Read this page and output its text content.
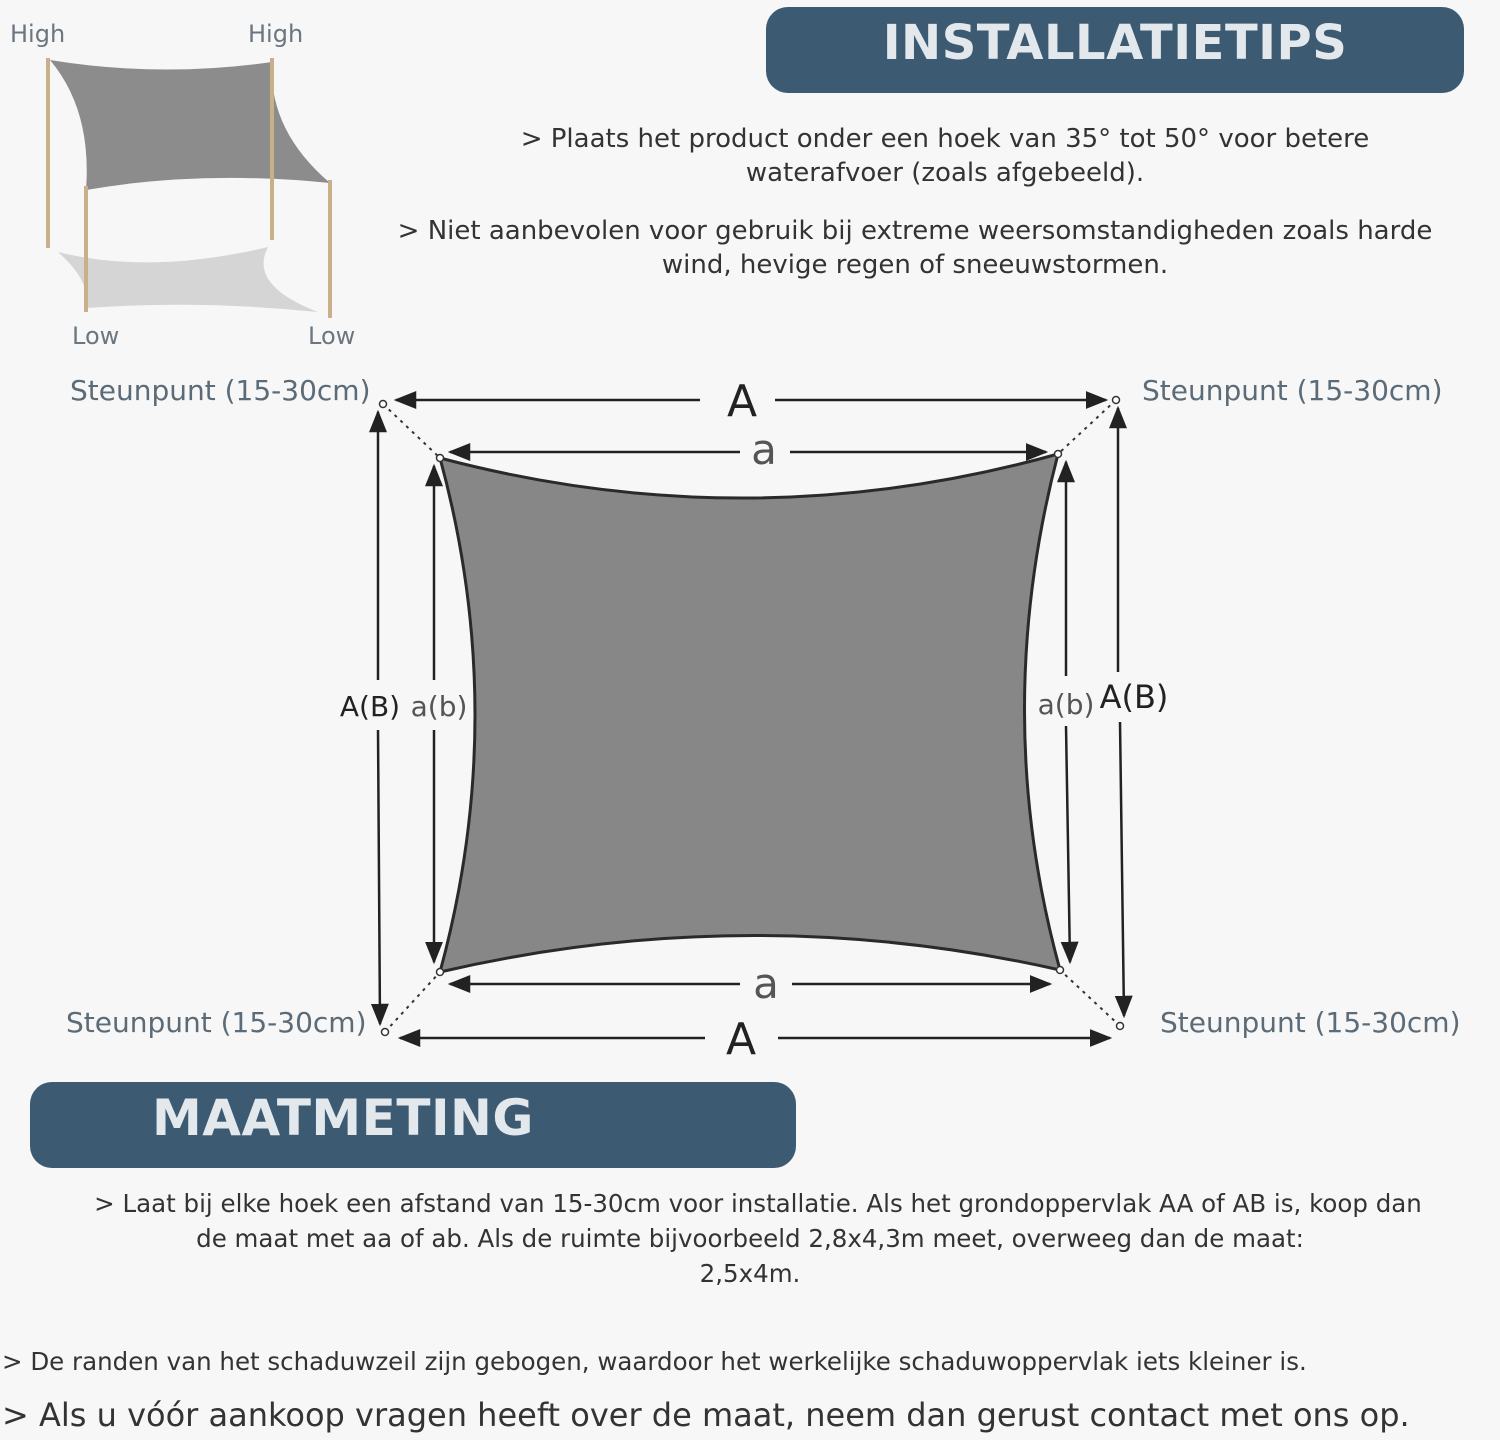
High	High
Low	Low
INSTALLATIETIPS
> Plaats het product onder een hoek van 35° tot 50° voor betere
waterafvoer (zoals afgebeeld).
> Niet aanbevolen voor gebruik bij extreme weersomstandigheden zoals harde
wind, hevige regen of sneeuwstormen.
A
a
a
A
A(B) a(b)	a(b) A(B)
Steunpunt (15-30cm)	Steunpunt (15-30cm)
Steunpunt (15-30cm)	Steunpunt (15-30cm)
MAATMETING
> Laat bij elke hoek een afstand van 15-30cm voor installatie. Als het grondoppervlak AA of AB is, koop dan
de maat met aa of ab. Als de ruimte bijvoorbeeld 2,8x4,3m meet, overweeg dan de maat:
2,5x4m.
> De randen van het schaduwzeil zijn gebogen, waardoor het werkelijke schaduwoppervlak iets kleiner is.
> Als u vóór aankoop vragen heeft over de maat, neem dan gerust contact met ons op.
